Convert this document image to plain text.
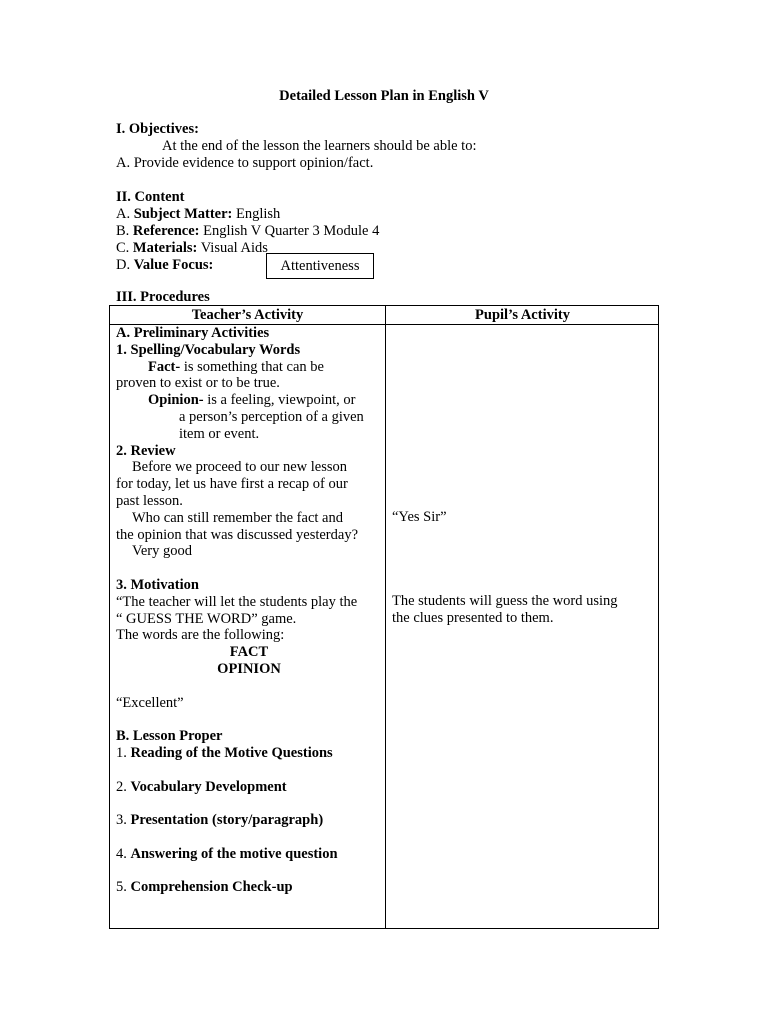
Detailed Lesson Plan in English V
I. Objectives:
At the end of the lesson the learners should be able to:
A. Provide evidence to support opinion/fact.
II. Content
A. Subject Matter: English
B. Reference: English V Quarter 3 Module 4
C. Materials: Visual Aids
D. Value Focus:	Attentiveness
III. Procedures
Teacher’s Activity	Pupil’s Activity
A. Preliminary Activities
1. Spelling/Vocabulary Words
Fact- is something that can be
proven to exist or to be true.
Opinion- is a feeling, viewpoint, or
a person’s perception of a given
item or event.
2. Review
Before we proceed to our new lesson
for today, let us have first a recap of our
past lesson.
Who can still remember the fact and
the opinion that was discussed yesterday?
Very good
3. Motivation
“The teacher will let the students play the
“ GUESS THE WORD” game.
The words are the following:
FACT
OPINION
“Excellent”
B. Lesson Proper
1. Reading of the Motive Questions
2. Vocabulary Development
3. Presentation (story/paragraph)
4. Answering of the motive question
5. Comprehension Check-up
“Yes Sir”
The students will guess the word using
the clues presented to them.
